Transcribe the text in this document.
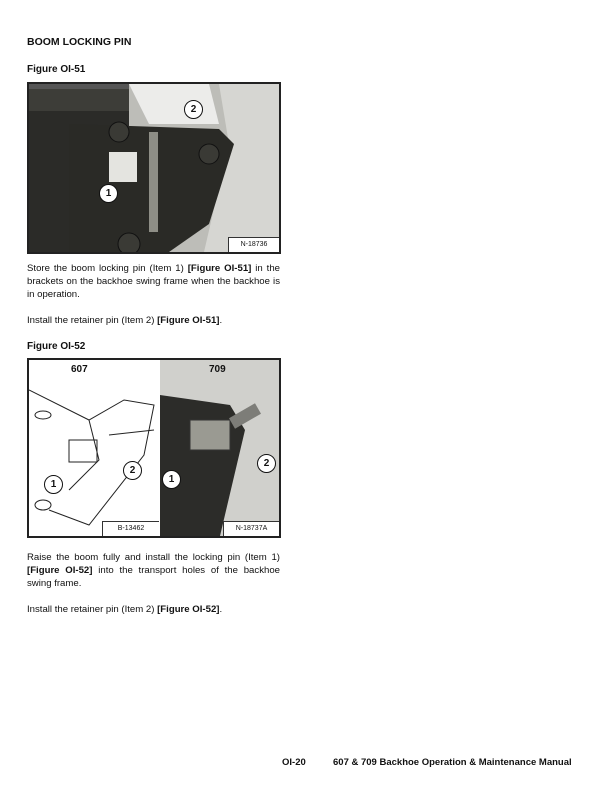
BOOM LOCKING PIN
Figure OI-51
2
1
N-18736

Store the boom locking pin (Item 1) [Figure OI-51] in the brackets on the backhoe swing frame when the backhoe is in operation.

Install the retainer pin (Item 2) [Figure OI-51].

Figure OI-52
607
1
2
B-13462
709
1
2
N-18737A

Raise the boom fully and install the locking pin (Item 1) [Figure OI-52] into the transport holes of the backhoe swing frame.

Install the retainer pin (Item 2) [Figure OI-52].

OI-20	607 & 709 Backhoe Operation & Maintenance Manual
